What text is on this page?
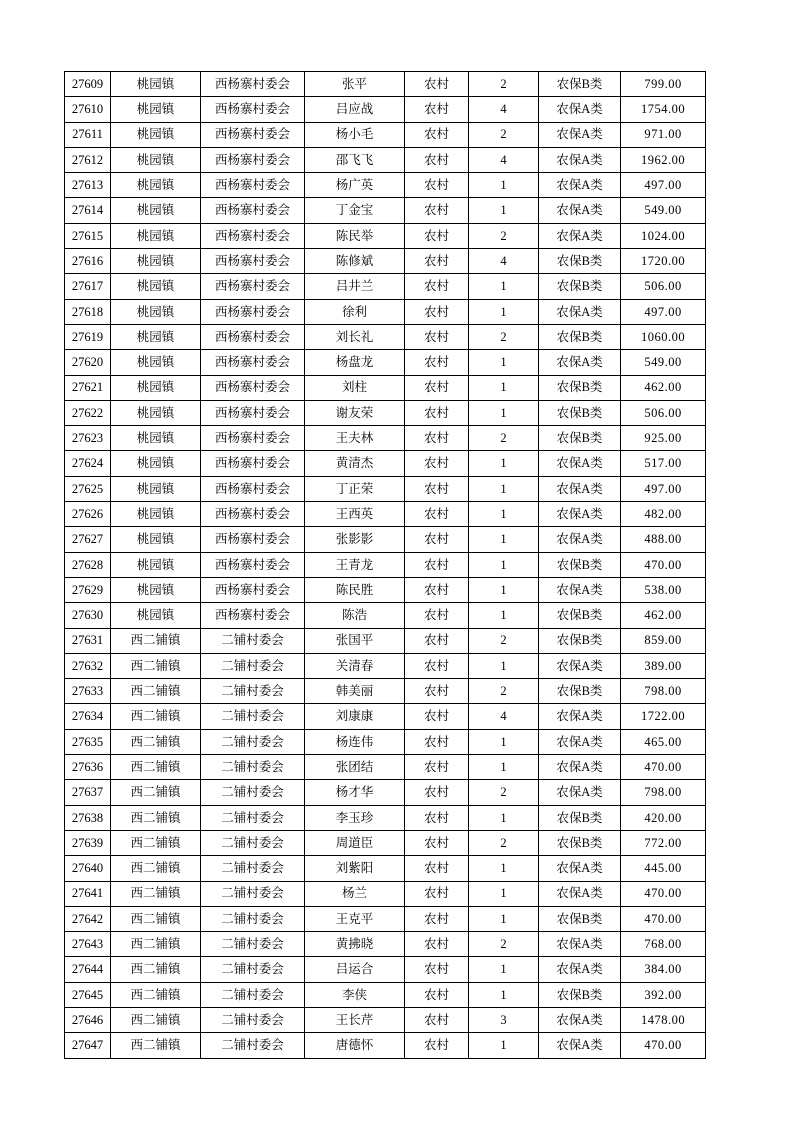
27609	桃园镇	西杨寨村委会	张平	农村	2	农保B类	799.00
27610	桃园镇	西杨寨村委会	吕应战	农村	4	农保A类	1754.00
27611	桃园镇	西杨寨村委会	杨小毛	农村	2	农保A类	971.00
27612	桃园镇	西杨寨村委会	邵飞飞	农村	4	农保A类	1962.00
27613	桃园镇	西杨寨村委会	杨广英	农村	1	农保A类	497.00
27614	桃园镇	西杨寨村委会	丁金宝	农村	1	农保A类	549.00
27615	桃园镇	西杨寨村委会	陈民举	农村	2	农保A类	1024.00
27616	桃园镇	西杨寨村委会	陈修斌	农村	4	农保B类	1720.00
27617	桃园镇	西杨寨村委会	吕井兰	农村	1	农保B类	506.00
27618	桃园镇	西杨寨村委会	徐利	农村	1	农保A类	497.00
27619	桃园镇	西杨寨村委会	刘长礼	农村	2	农保B类	1060.00
27620	桃园镇	西杨寨村委会	杨盘龙	农村	1	农保A类	549.00
27621	桃园镇	西杨寨村委会	刘柱	农村	1	农保B类	462.00
27622	桃园镇	西杨寨村委会	谢友荣	农村	1	农保B类	506.00
27623	桃园镇	西杨寨村委会	王夫林	农村	2	农保B类	925.00
27624	桃园镇	西杨寨村委会	黄清杰	农村	1	农保A类	517.00
27625	桃园镇	西杨寨村委会	丁正荣	农村	1	农保A类	497.00
27626	桃园镇	西杨寨村委会	王西英	农村	1	农保A类	482.00
27627	桃园镇	西杨寨村委会	张影影	农村	1	农保A类	488.00
27628	桃园镇	西杨寨村委会	王青龙	农村	1	农保B类	470.00
27629	桃园镇	西杨寨村委会	陈民胜	农村	1	农保A类	538.00
27630	桃园镇	西杨寨村委会	陈浩	农村	1	农保B类	462.00
27631	西二铺镇	二铺村委会	张国平	农村	2	农保B类	859.00
27632	西二铺镇	二铺村委会	关清春	农村	1	农保A类	389.00
27633	西二铺镇	二铺村委会	韩美丽	农村	2	农保B类	798.00
27634	西二铺镇	二铺村委会	刘康康	农村	4	农保A类	1722.00
27635	西二铺镇	二铺村委会	杨连伟	农村	1	农保A类	465.00
27636	西二铺镇	二铺村委会	张团结	农村	1	农保A类	470.00
27637	西二铺镇	二铺村委会	杨才华	农村	2	农保A类	798.00
27638	西二铺镇	二铺村委会	李玉珍	农村	1	农保B类	420.00
27639	西二铺镇	二铺村委会	周道臣	农村	2	农保B类	772.00
27640	西二铺镇	二铺村委会	刘紫阳	农村	1	农保A类	445.00
27641	西二铺镇	二铺村委会	杨兰	农村	1	农保A类	470.00
27642	西二铺镇	二铺村委会	王克平	农村	1	农保B类	470.00
27643	西二铺镇	二铺村委会	黄拂晓	农村	2	农保A类	768.00
27644	西二铺镇	二铺村委会	吕运合	农村	1	农保A类	384.00
27645	西二铺镇	二铺村委会	李侠	农村	1	农保B类	392.00
27646	西二铺镇	二铺村委会	王长芹	农村	3	农保A类	1478.00
27647	西二铺镇	二铺村委会	唐德怀	农村	1	农保A类	470.00
